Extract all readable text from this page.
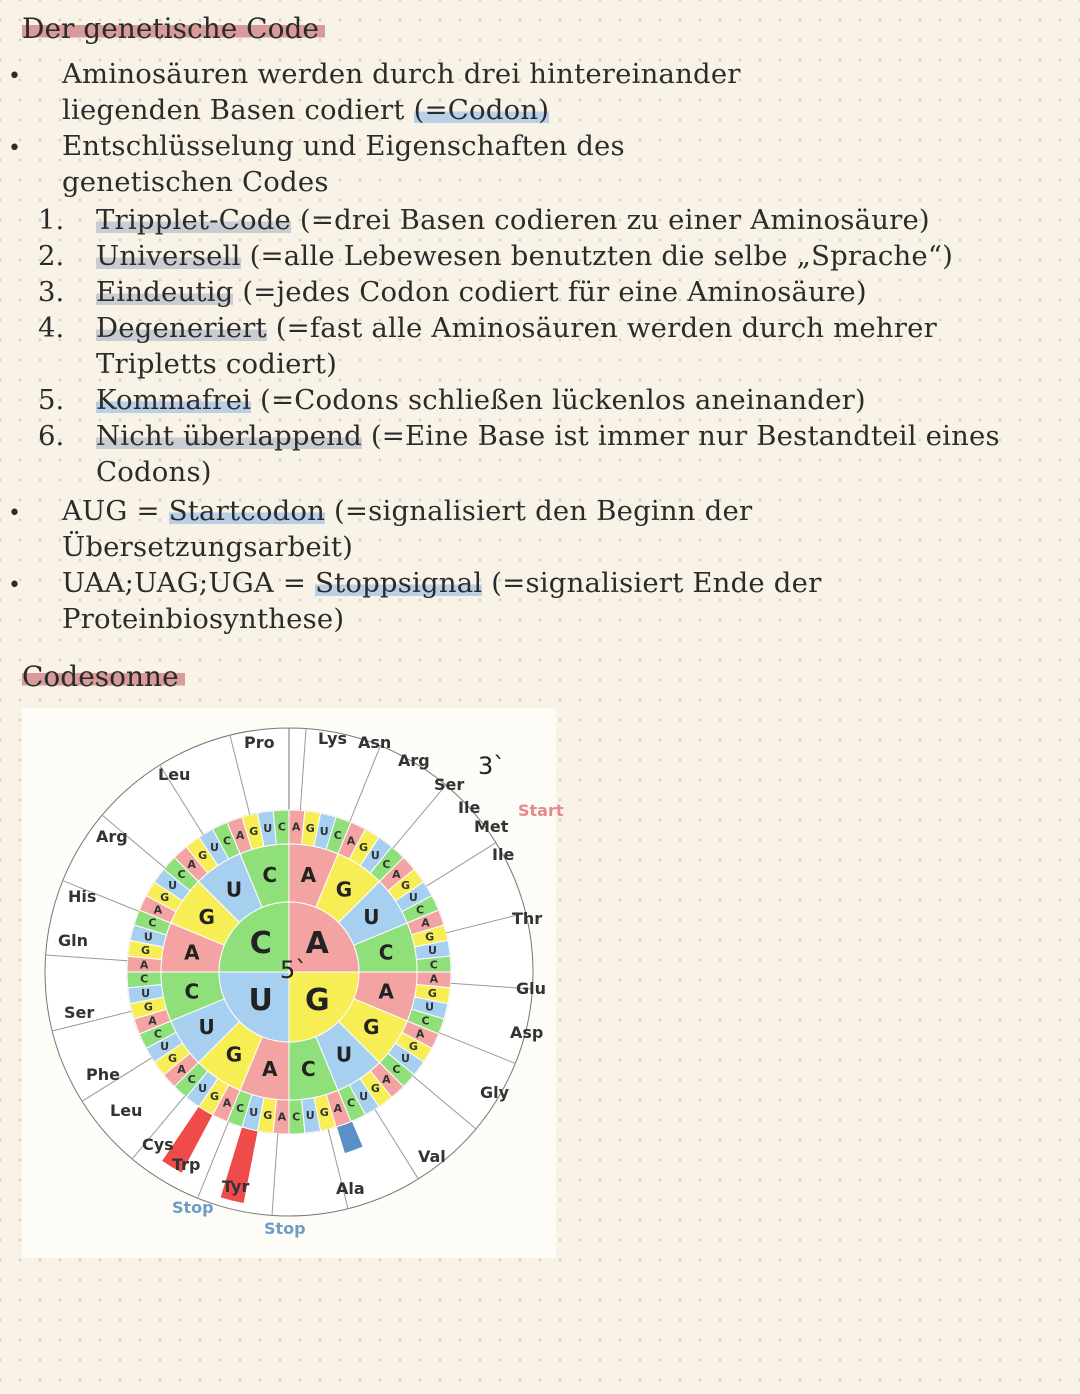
Der genetische Code
• Aminosäuren werden durch drei hintereinander
liegenden Basen codiert (=Codon)
• Entschlüsselung und Eigenschaften des
genetischen Codes
1. Tripplet-Code (=drei Basen codieren zu einer Aminosäure)
2. Universell (=alle Lebewesen benutzten die selbe „Sprache“)
3. Eindeutig (=jedes Codon codiert für eine Aminosäure)
4. Degeneriert (=fast alle Aminosäuren werden durch mehrer
Tripletts codiert)
5. Kommafrei (=Codons schließen lückenlos aneinander)
6. Nicht überlappend (=Eine Base ist immer nur Bestandteil eines
Codons)
• AUG = Startcodon (=signalisiert den Beginn der
Übersetzungsarbeit)
• UAA;UAG;UGA = Stoppsignal (=signalisiert Ende der
Proteinbiosynthese)
Codesonne
A G U C A
G
U
C
A
G
U
C
A
G
U
C
A
G
U
C
A
G
U
C
A
G
U
C
A
G
U
C
A
G
U
C
A
G
U
C
A
G
U
C
A
G
U
C
A
G
U
C
A
G
U
C
A
G
U
C A G U C
A
G
U
C
A
G
U
C
A
G
U
C
A
G
U
C
A
G
U
C
Lys Asn
Arg
Ser
Ile
Met
Start
Ile
Thr
Glu
Asp
Gly
Val
Ala
Stop
Tyr
Stop
Trp
Cys
Leu
Phe
Ser
Gln
His
Arg
Leu
Pro
5`
3`
